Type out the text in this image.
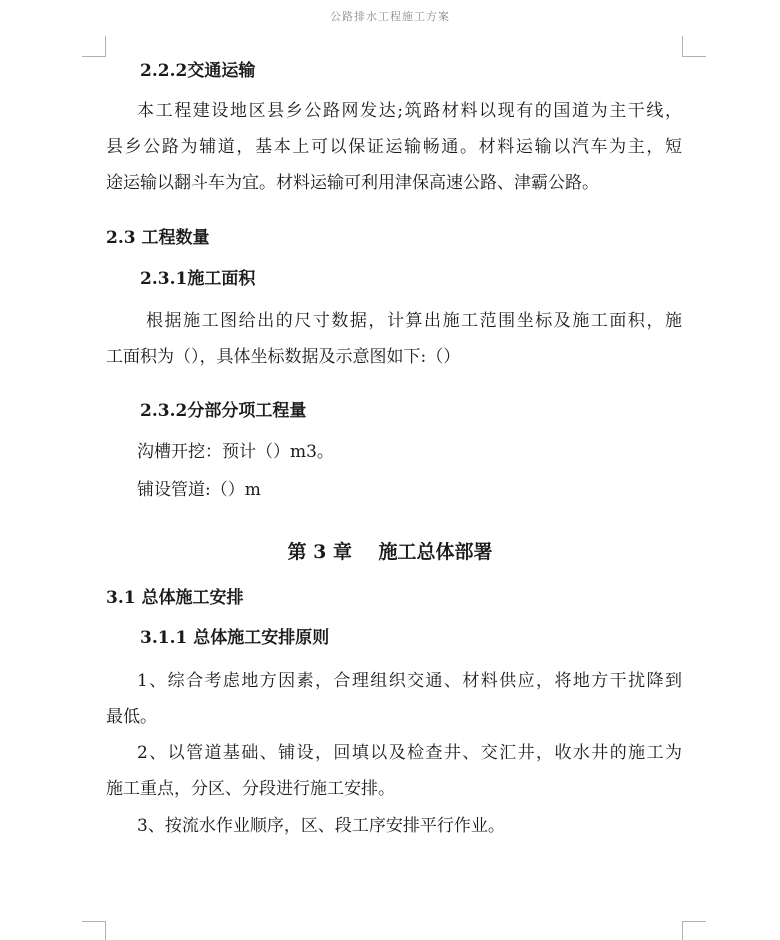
公路排水工程施工方案
2.2.2交通运输
本工程建设地区县乡公路网发达;筑路材料以现有的国道为主干线，
县乡公路为辅道，基本上可以保证运输畅通。材料运输以汽车为主，短
途运输以翻斗车为宜。材料运输可利用津保高速公路、津霸公路。
2.3 工程数量
2.3.1施工面积
根据施工图给出的尺寸数据，计算出施工范围坐标及施工面积，施
工面积为（），具体坐标数据及示意图如下:（）
2.3.2分部分项工程量
沟槽开挖：预计（）m3。
铺设管道:（）m
第 3 章    施工总体部署
3.1 总体施工安排
3.1.1 总体施工安排原则
1、综合考虑地方因素，合理组织交通、材料供应，将地方干扰降到
最低。
2、以管道基础、铺设，回填以及检查井、交汇井，收水井的施工为
施工重点，分区、分段进行施工安排。
3、按流水作业顺序，区、段工序安排平行作业。
